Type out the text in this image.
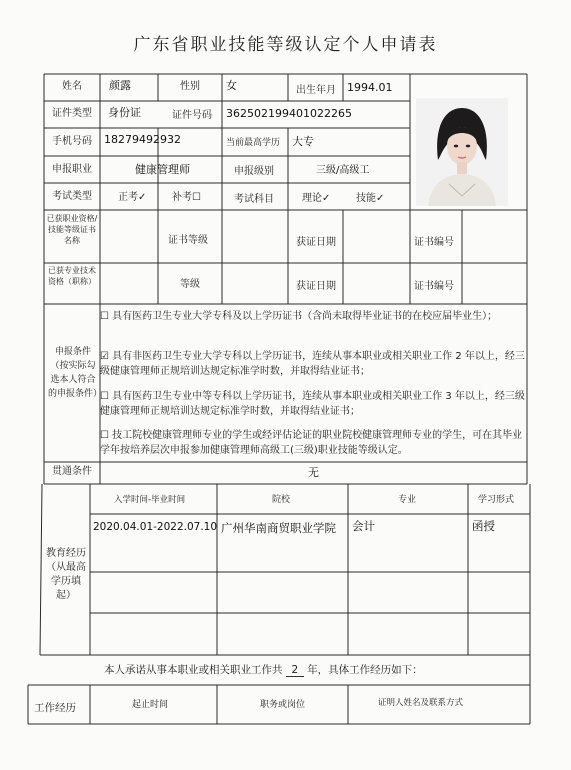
广东省职业技能等级认定个人申请表
姓名 颜露	性别 女	出生年月 1994.01
证件类型 身份证	证件号码 362502199401022265
手机号码 18279492932	当前最高学历 大专
申报职业	健康管理师	申报级别	三级/高级工
考试类型	正考✓	补考☐	考试科目	理论✓	技能✓
已获职业资格/技能等级证书名称	证书等级	获证日期	证书编号
已获专业技术资格（职称）	等级	获证日期	证书编号
申报条件（按实际勾选本人符合的申报条件）
☐ 具有医药卫生专业大学专科及以上学历证书（含尚未取得毕业证书的在校应届毕业生）；
☑ 具有非医药卫生专业大学专科以上学历证书，连续从事本职业或相关职业工作 2 年以上，经三级健康管理师正规培训达规定标准学时数，并取得结业证书；
☐ 具有医药卫生专业中等专科以上学历证书，连续从事本职业或相关职业工作 3 年以上，经三级健康管理师正规培训达规定标准学时数，并取得结业证书；
☐ 技工院校健康管理师专业的学生或经评估论证的职业院校健康管理师专业的学生，可在其毕业学年按培养层次申报参加健康管理师高级工(三级)职业技能等级认定。
贯通条件	无
教育经历（从最高学历填起）
入学时间-毕业时间	院校	专业	学习形式
2020.04.01-2022.07.10 广州华南商贸职业学院	会计	函授
本人承诺从事本职业或相关职业工作共 2 年，具体工作经历如下：
工作经历	起止时间	职务或岗位	证明人姓名及联系方式
